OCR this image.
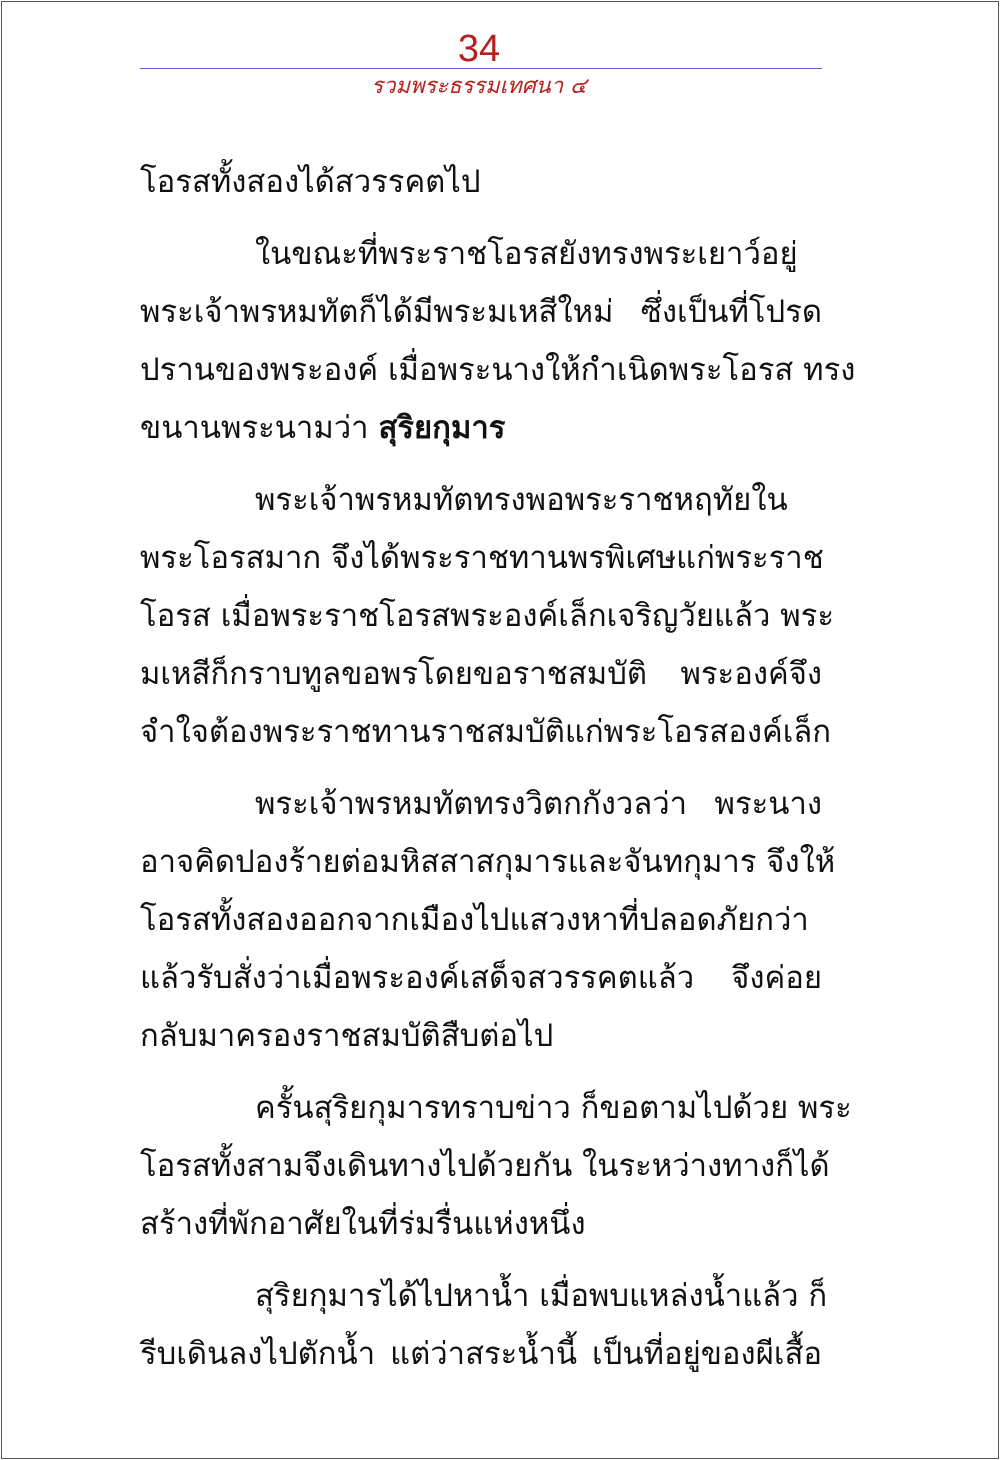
34
รวมพระธรรมเทศนา ๔
โอรสทั้งสองได้สวรรคตไป
ในขณะที่พระราชโอรสยังทรงพระเยาว์อยู่
พระเจ้าพรหมทัตก็ได้มีพระมเหสีใหม่ ซึ่งเป็นที่โปรด
ปรานของพระองค์ เมื่อพระนางให้กำเนิดพระโอรส ทรง
ขนานพระนามว่า สุริยกุมาร
พระเจ้าพรหมทัตทรงพอพระราชหฤทัยใน
พระโอรสมาก จึงได้พระราชทานพรพิเศษแก่พระราช
โอรส เมื่อพระราชโอรสพระองค์เล็กเจริญวัยแล้ว พระ
มเหสีก็กราบทูลขอพรโดยขอราชสมบัติ พระองค์จึง
จำใจต้องพระราชทานราชสมบัติแก่พระโอรสองค์เล็ก
พระเจ้าพรหมทัตทรงวิตกกังวลว่า พระนาง
อาจคิดปองร้ายต่อมหิสสาสกุมารและจันทกุมาร จึงให้
โอรสทั้งสองออกจากเมืองไปแสวงหาที่ปลอดภัยกว่า
แล้วรับสั่งว่าเมื่อพระองค์เสด็จสวรรคตแล้ว จึงค่อย
กลับมาครองราชสมบัติสืบต่อไป
ครั้นสุริยกุมารทราบข่าว ก็ขอตามไปด้วย พระ
โอรสทั้งสามจึงเดินทางไปด้วยกัน ในระหว่างทางก็ได้
สร้างที่พักอาศัยในที่ร่มรื่นแห่งหนึ่ง
สุริยกุมารได้ไปหาน้ำ เมื่อพบแหล่งน้ำแล้ว ก็
รีบเดินลงไปตักน้ำ แต่ว่าสระน้ำนี้ เป็นที่อยู่ของผีเสื้อ
